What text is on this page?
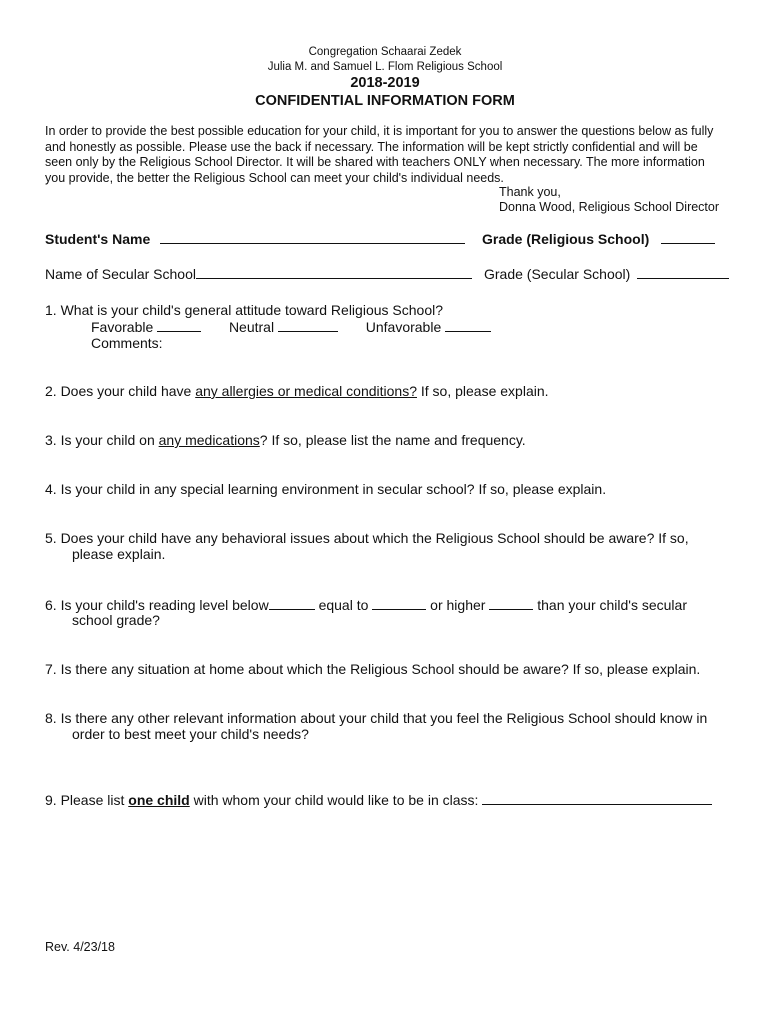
Congregation Schaarai Zedek
Julia M. and Samuel L. Flom Religious School
2018-2019
CONFIDENTIAL INFORMATION FORM
In order to provide the best possible education for your child, it is important for you to answer the questions below as fully
and honestly as possible. Please use the back if necessary. The information will be kept strictly confidential and will be
seen only by the Religious School Director. It will be shared with teachers ONLY when necessary. The more information
you provide, the better the Religious School can meet your child's individual needs.
Thank you,
Donna Wood, Religious School Director
Student's Name	Grade (Religious School)
Name of Secular School	Grade (Secular School)
1. What is your child's general attitude toward Religious School?
Favorable	Neutral	Unfavorable
Comments:
2. Does your child have any allergies or medical conditions? If so, please explain.
3. Is your child on any medications? If so, please list the name and frequency.
4. Is your child in any special learning environment in secular school? If so, please explain.
5. Does your child have any behavioral issues about which the Religious School should be aware? If so,
please explain.
6. Is your child's reading level below	equal to	or higher	than your child's secular
school grade?
7. Is there any situation at home about which the Religious School should be aware? If so, please explain.
8. Is there any other relevant information about your child that you feel the Religious School should know in
order to best meet your child's needs?
9. Please list one child with whom your child would like to be in class:
Rev. 4/23/18
